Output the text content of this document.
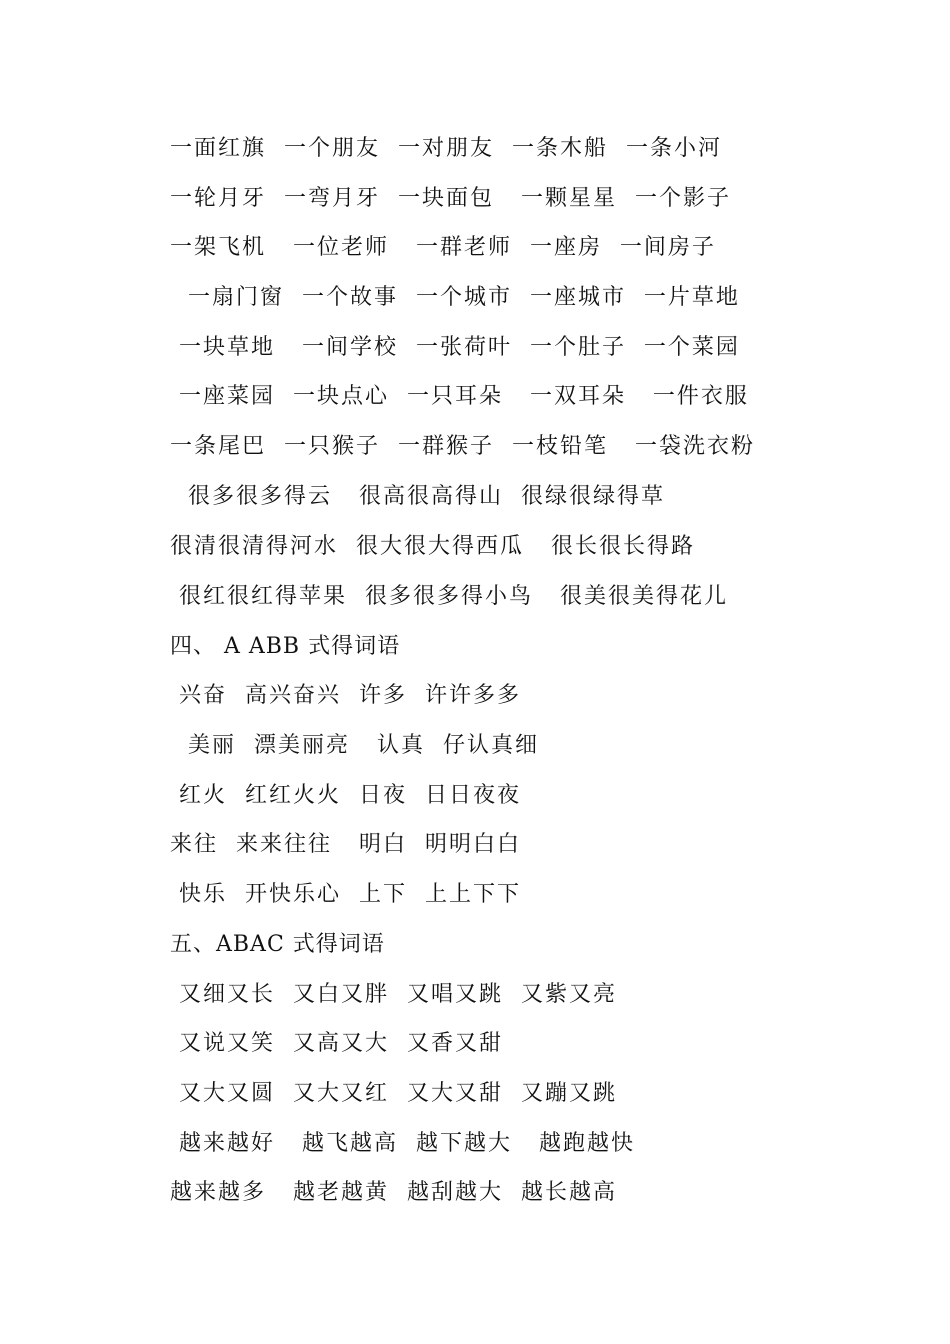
一面红旗  一个朋友  一对朋友  一条木船  一条小河
一轮月牙  一弯月牙  一块面包   一颗星星  一个影子
一架飞机   一位老师   一群老师  一座房  一间房子
一扇门窗  一个故事  一个城市  一座城市  一片草地
一块草地   一间学校  一张荷叶  一个肚子  一个菜园
一座菜园  一块点心  一只耳朵   一双耳朵   一件衣服
一条尾巴  一只猴子  一群猴子  一枝铅笔   一袋洗衣粉
很多很多得云   很高很高得山  很绿很绿得草
很清很清得河水  很大很大得西瓜   很长很长得路
很红很红得苹果  很多很多得小鸟   很美很美得花儿
四、 A ABB 式得词语
兴奋  高兴奋兴  许多  许许多多
美丽  漂美丽亮   认真  仔认真细
红火  红红火火  日夜  日日夜夜
来往  来来往往   明白  明明白白
快乐  开快乐心  上下  上上下下
五、ABAC 式得词语
又细又长  又白又胖  又唱又跳  又紫又亮
又说又笑  又高又大  又香又甜
又大又圆  又大又红  又大又甜  又蹦又跳
越来越好   越飞越高  越下越大   越跑越快
越来越多   越老越黄  越刮越大  越长越高
